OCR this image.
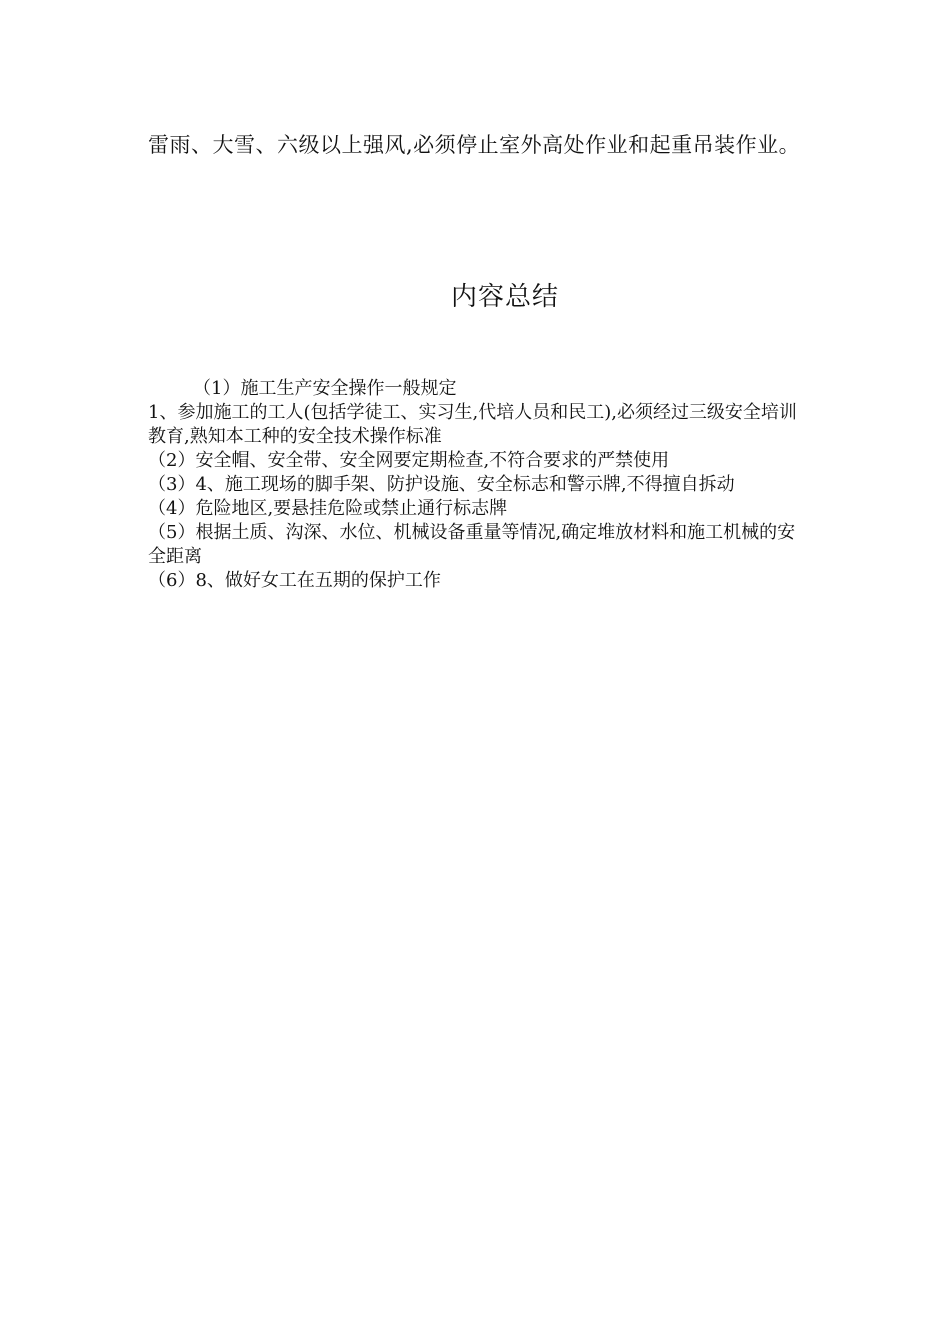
雷雨、大雪、六级以上强风,必须停止室外高处作业和起重吊装作业。

内容总结
（1）施工生产安全操作一般规定
1、参加施工的工人(包括学徒工、实习生,代培人员和民工),必须经过三级安全培训教育,熟知本工种的安全技术操作标准
（2）安全帽、安全带、安全网要定期检查,不符合要求的严禁使用
（3）4、施工现场的脚手架、防护设施、安全标志和警示牌,不得擅自拆动
（4）危险地区,要悬挂危险或禁止通行标志牌
（5）根据土质、沟深、水位、机械设备重量等情况,确定堆放材料和施工机械的安全距离
（6）8、做好女工在五期的保护工作
